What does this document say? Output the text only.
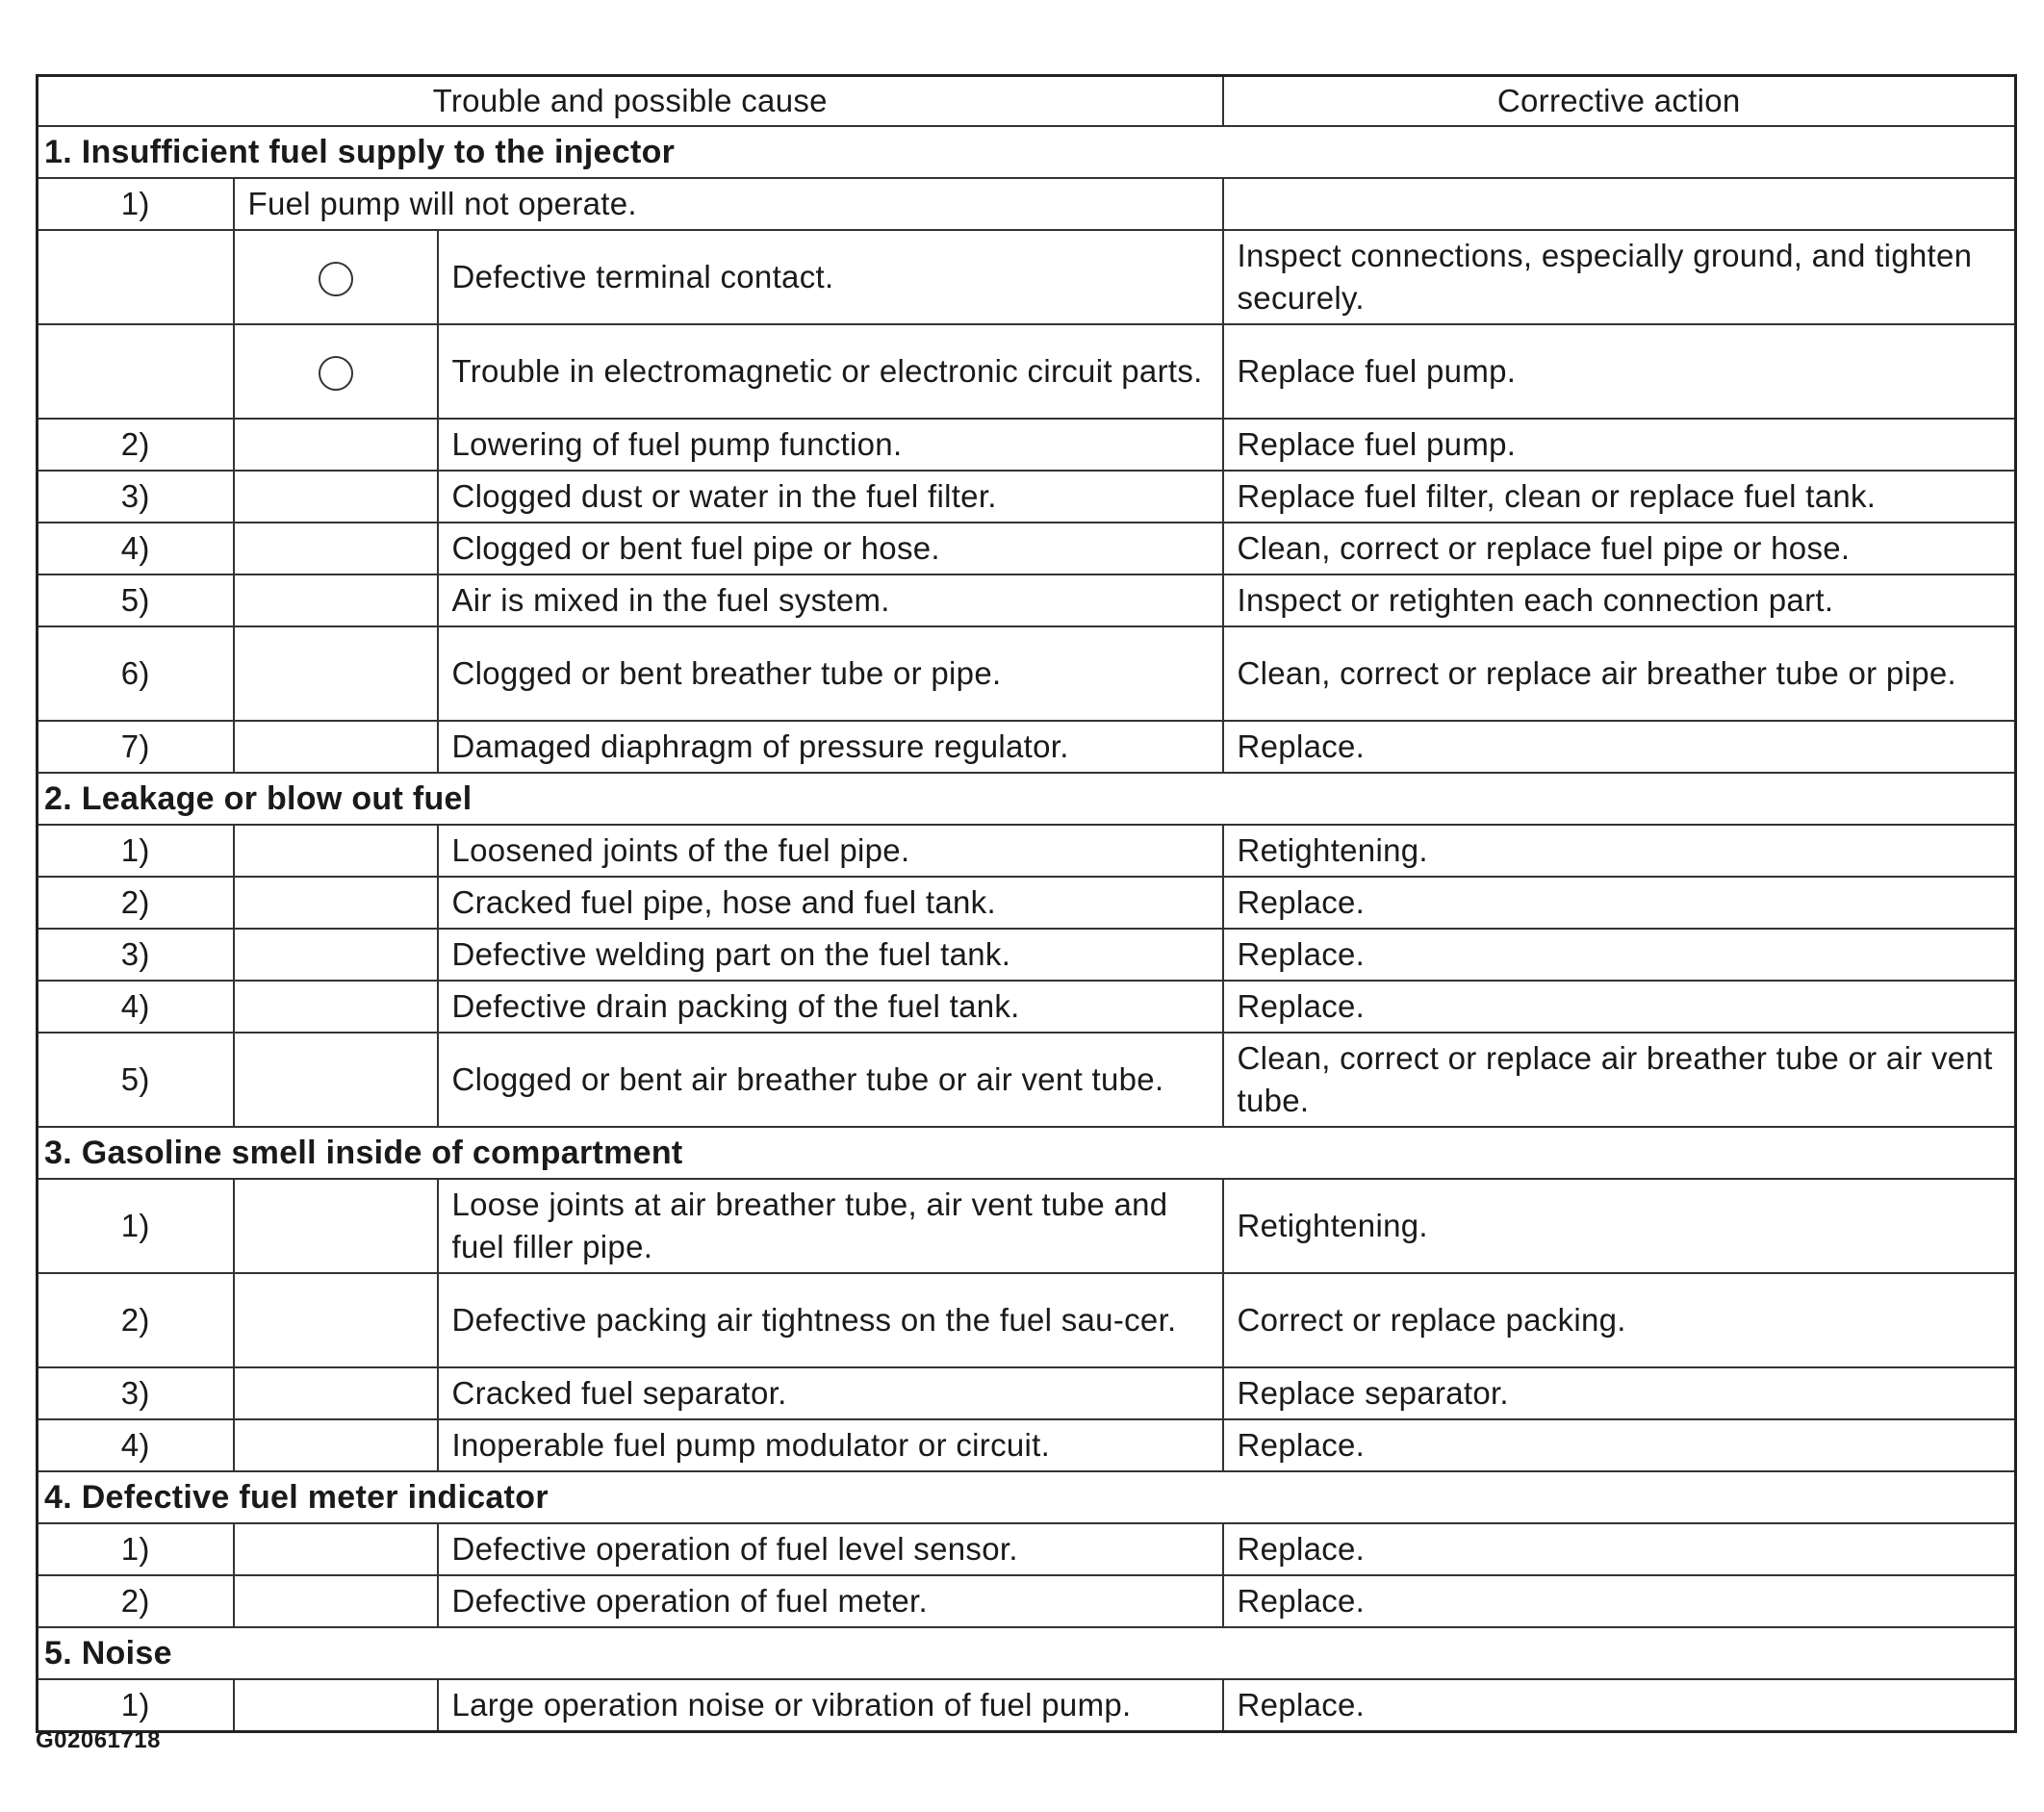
Trouble and possible cause			Corrective action
1. Insufficient fuel supply to the injector			
1)	Fuel pump will not operate.		
		Defective terminal contact.	Inspect connections, especially ground, and tighten securely.
		Trouble in electromagnetic or electronic circuit parts.	Replace fuel pump.
2)		Lowering of fuel pump function.	Replace fuel pump.
3)		Clogged dust or water in the fuel filter.	Replace fuel filter, clean or replace fuel tank.
4)		Clogged or bent fuel pipe or hose.	Clean, correct or replace fuel pipe or hose.
5)		Air is mixed in the fuel system.	Inspect or retighten each connection part.
6)		Clogged or bent breather tube or pipe.	Clean, correct or replace air breather tube or pipe.
7)		Damaged diaphragm of pressure regulator.	Replace.
2. Leakage or blow out fuel			
1)		Loosened joints of the fuel pipe.	Retightening.
2)		Cracked fuel pipe, hose and fuel tank.	Replace.
3)		Defective welding part on the fuel tank.	Replace.
4)		Defective drain packing of the fuel tank.	Replace.
5)		Clogged or bent air breather tube or air vent tube.	Clean, correct or replace air breather tube or air vent tube.
3. Gasoline smell inside of compartment			
1)		Loose joints at air breather tube, air vent tube and fuel filler pipe.	Retightening.
2)		Defective packing air tightness on the fuel sau-cer.	Correct or replace packing.
3)		Cracked fuel separator.	Replace separator.
4)		Inoperable fuel pump modulator or circuit.	Replace.
4. Defective fuel meter indicator			
1)		Defective operation of fuel level sensor.	Replace.
2)		Defective operation of fuel meter.	Replace.
5. Noise			
1)		Large operation noise or vibration of fuel pump.	Replace.
G02061718
